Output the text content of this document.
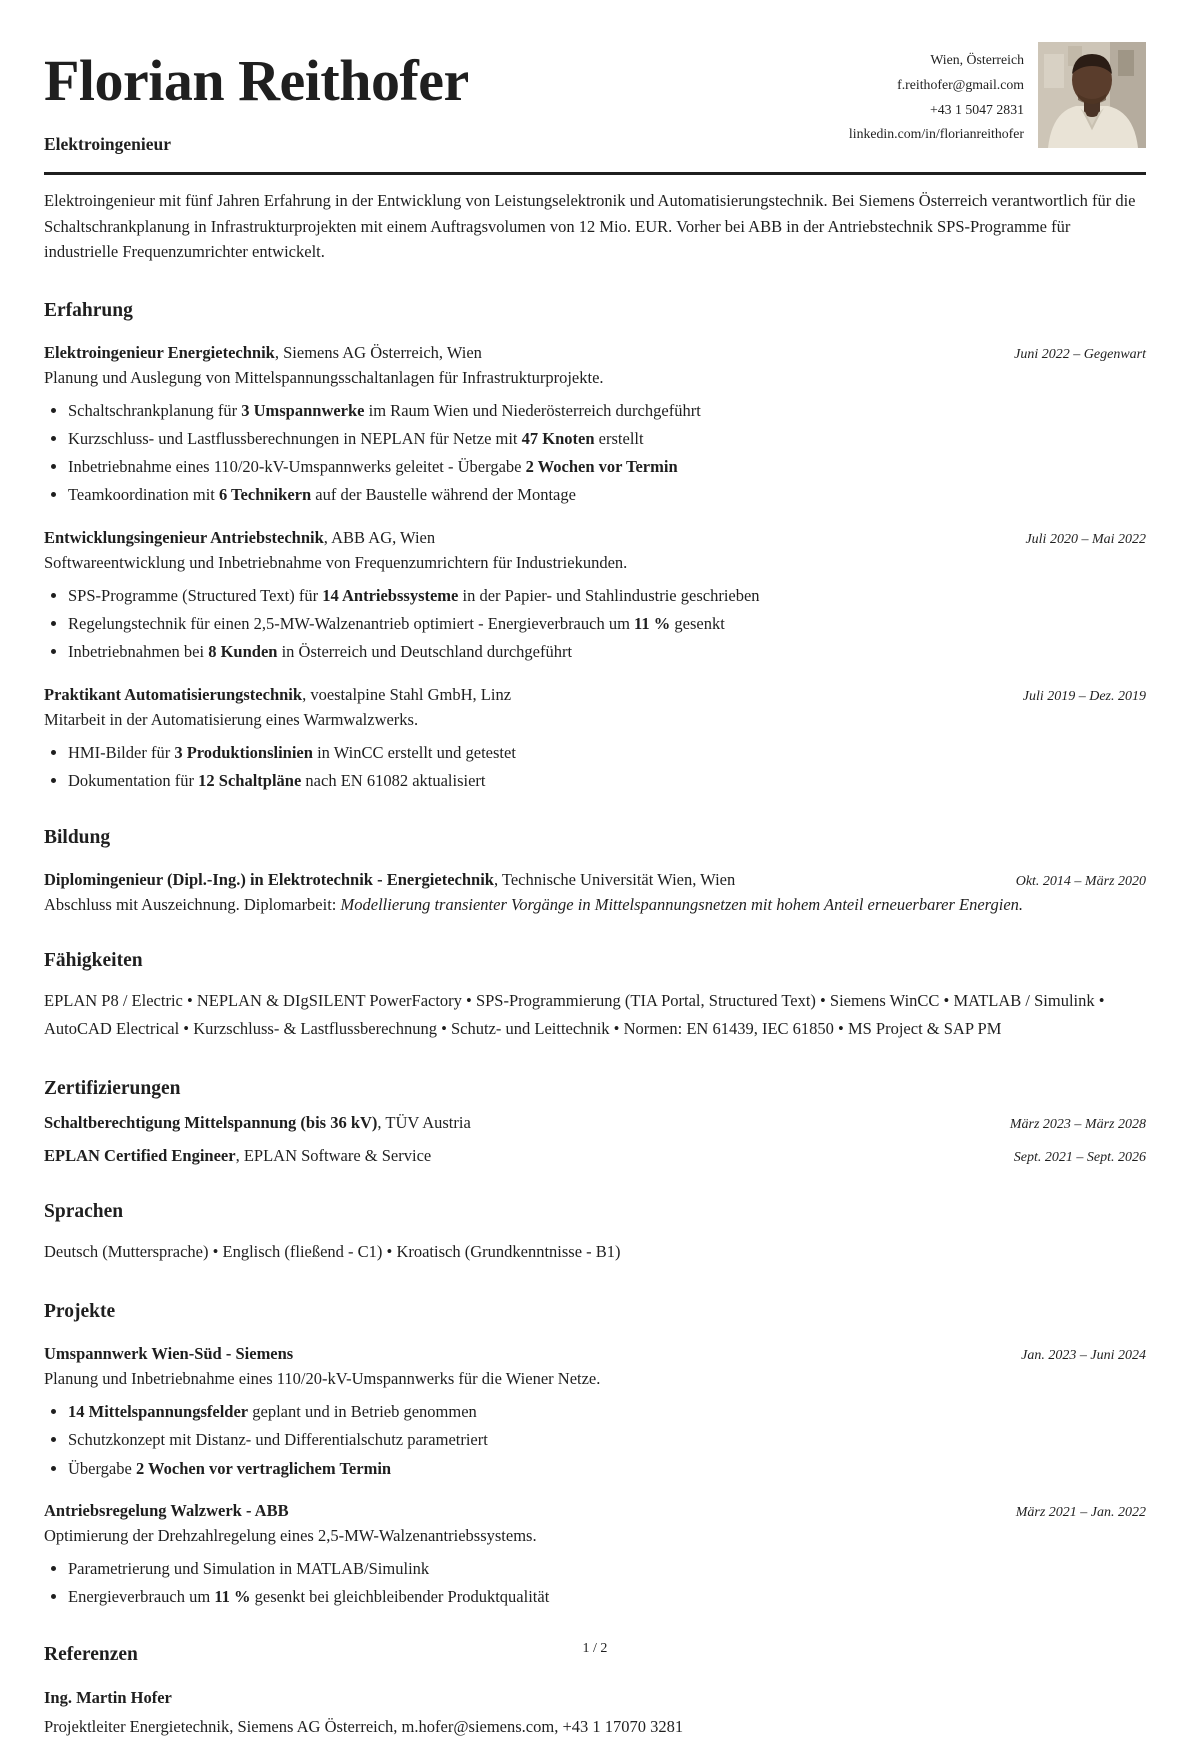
Florian Reithofer
Elektroingenieur
Wien, Österreich
f.reithofer@gmail.com
+43 1 5047 2831
linkedin.com/in/florianreithofer
Elektroingenieur mit fünf Jahren Erfahrung in der Entwicklung von Leistungselektronik und Automatisierungstechnik. Bei Siemens Österreich verantwortlich für die Schaltschrankplanung in Infrastrukturprojekten mit einem Auftragsvolumen von 12 Mio. EUR. Vorher bei ABB in der Antriebstechnik SPS-Programme für industrielle Frequenzumrichter entwickelt.
Erfahrung
Elektroingenieur Energietechnik, Siemens AG Österreich, Wien	Juni 2022 – Gegenwart
Planung und Auslegung von Mittelspannungsschaltanlagen für Infrastrukturprojekte.
• Schaltschrankplanung für 3 Umspannwerke im Raum Wien und Niederösterreich durchgeführt
• Kurzschluss- und Lastflussberechnungen in NEPLAN für Netze mit 47 Knoten erstellt
• Inbetriebnahme eines 110/20-kV-Umspannwerks geleitet - Übergabe 2 Wochen vor Termin
• Teamkoordination mit 6 Technikern auf der Baustelle während der Montage
Entwicklungsingenieur Antriebstechnik, ABB AG, Wien	Juli 2020 – Mai 2022
Softwareentwicklung und Inbetriebnahme von Frequenzumrichtern für Industriekunden.
• SPS-Programme (Structured Text) für 14 Antriebssysteme in der Papier- und Stahlindustrie geschrieben
• Regelungstechnik für einen 2,5-MW-Walzenantrieb optimiert - Energieverbrauch um 11 % gesenkt
• Inbetriebnahmen bei 8 Kunden in Österreich und Deutschland durchgeführt
Praktikant Automatisierungstechnik, voestalpine Stahl GmbH, Linz	Juli 2019 – Dez. 2019
Mitarbeit in der Automatisierung eines Warmwalzwerks.
• HMI-Bilder für 3 Produktionslinien in WinCC erstellt und getestet
• Dokumentation für 12 Schaltpläne nach EN 61082 aktualisiert
Bildung
Diplomingenieur (Dipl.-Ing.) in Elektrotechnik - Energietechnik, Technische Universität Wien, Wien	Okt. 2014 – März 2020
Abschluss mit Auszeichnung. Diplomarbeit: Modellierung transienter Vorgänge in Mittelspannungsnetzen mit hohem Anteil erneuerbarer Energien.
Fähigkeiten
EPLAN P8 / Electric • NEPLAN & DIgSILENT PowerFactory • SPS-Programmierung (TIA Portal, Structured Text) • Siemens WinCC • MATLAB / Simulink • AutoCAD Electrical • Kurzschluss- & Lastflussberechnung • Schutz- und Leittechnik • Normen: EN 61439, IEC 61850 • MS Project & SAP PM
Zertifizierungen
Schaltberechtigung Mittelspannung (bis 36 kV), TÜV Austria	März 2023 – März 2028
EPLAN Certified Engineer, EPLAN Software & Service	Sept. 2021 – Sept. 2026
Sprachen
Deutsch (Muttersprache) • Englisch (fließend - C1) • Kroatisch (Grundkenntnisse - B1)
Projekte
Umspannwerk Wien-Süd - Siemens	Jan. 2023 – Juni 2024
Planung und Inbetriebnahme eines 110/20-kV-Umspannwerks für die Wiener Netze.
• 14 Mittelspannungsfelder geplant und in Betrieb genommen
• Schutzkonzept mit Distanz- und Differentialschutz parametriert
• Übergabe 2 Wochen vor vertraglichem Termin
Antriebsregelung Walzwerk - ABB	März 2021 – Jan. 2022
Optimierung der Drehzahlregelung eines 2,5-MW-Walzenantriebssystems.
• Parametrierung und Simulation in MATLAB/Simulink
• Energieverbrauch um 11 % gesenkt bei gleichbleibender Produktqualität
Referenzen
Ing. Martin Hofer
Projektleiter Energietechnik, Siemens AG Österreich, m.hofer@siemens.com, +43 1 17070 3281
1 / 2
